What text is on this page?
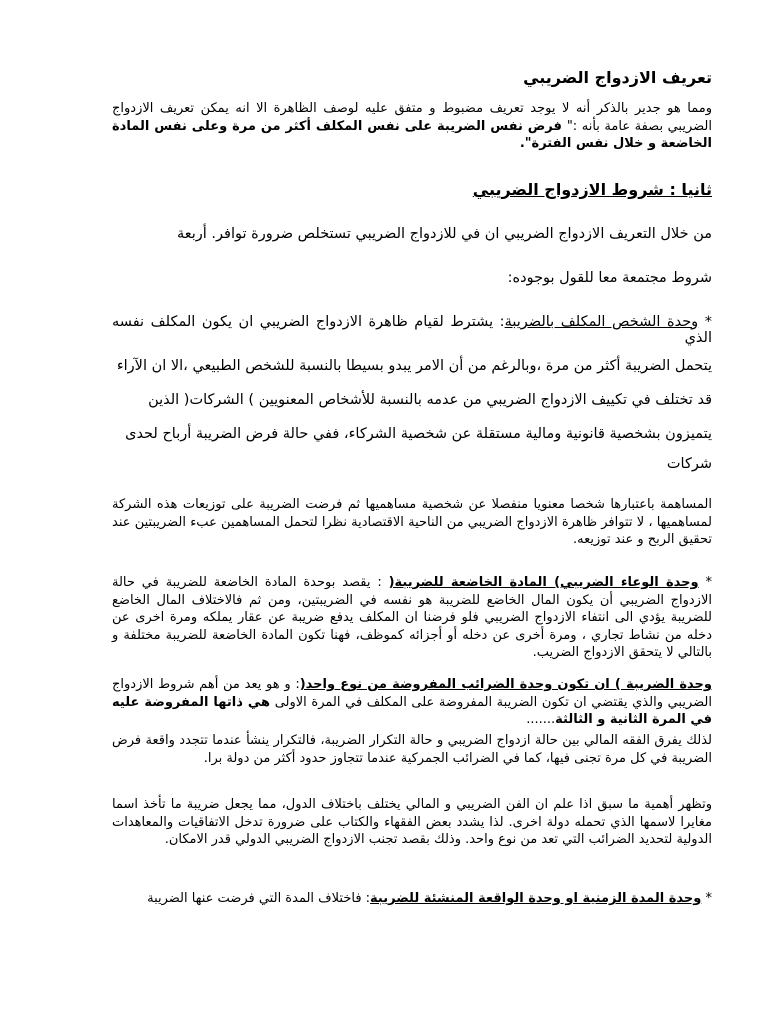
تعريف الازدواج الضريبي
ومما هو جدير بالذكر أنه لا يوجد تعريف مضبوط و متفق عليه لوصف الظاهرة الا انه يمكن تعريف الازدواج الضريبي بصفة عامة بأنه :" فرض نفس الضريبة على نفس المكلف أكثر من مرة وعلى نفس المادة الخاضعة و خلال نفس الفترة".
ثانيا : شروط الازدواج الضريبي
من خلال التعريف الازدواج الضريبي ان في للازدواج الضريبي تستخلص ضرورة توافر. أربعة
شروط مجتمعة معا للقول بوجوده:
* وحدة الشخص المكلف بالضريبة: يشترط لقيام ظاهرة الازدواج الضريبي ان يكون المكلف نفسه الذي
يتحمل الضريبة أكثر من مرة ،وبالرغم من أن الامر يبدو بسيطا بالنسبة للشخص الطبيعي ،الا ان الآراء
قد تختلف في تكييف الازدواج الضريبي من عدمه بالنسبة للأشخاص المعنويين ) الشركات( الذين
يتميزون بشخصية قانونية ومالية مستقلة عن شخصية الشركاء، ففي حالة فرض الضريبة أرباح لحدى
شركات
المساهمة باعتبارها شخصا معنويا منفصلا عن شخصية مساهميها ثم فرضت الضريبة على توزيعات هذه الشركة لمساهميها ، لا تتوافر ظاهرة الازدواج الضريبي من الناحية الاقتصادية نظرا لتحمل المساهمين عبء الضريبتين عند تحقيق الربح و عند توزيعه.
* وحدة الوعاء الضريبي) المادة الخاضعة للضريبة( : يقصد بوحدة المادة الخاضعة للضريبة في حالة الازدواج الضريبي أن يكون المال الخاضع للضريبة هو نفسه في الضريبتين، ومن ثم فالاختلاف المال الخاضع للضريبة يؤدي الى انتفاء الازدواج الضريبي فلو فرضنا ان المكلف يدفع ضريبة عن عقار يملكه ومرة اخرى عن دخله من نشاط تجاري ، ومرة أخرى عن دخله أو أجزائه كموظف، فهنا تكون المادة الخاضعة للضريبة مختلفة و بالتالي لا يتحقق الازدواج الضريب.
وحدة الضريبة ) ان تكون وحدة الضرائب المفروضة من نوع واحد(: و هو يعد من أهم شروط الازدواج الضريبي والذي يقتضي ان تكون الضريبة المفروضة على المكلف في المرة الاولى هي ذاتها المفروضة عليه في المرة الثانية و الثالثة.......
لذلك يفرق الفقه المالي بين حالة ازدواج الضريبي و حالة التكرار الضريبة، فالتكرار ينشأ عندما تتجدد واقعة فرض الضريبة في كل مرة تجنى فيها، كما في الضرائب الجمركية عندما تتجاوز حدود أكثر من دولة برا.
وتظهر أهمية ما سبق اذا علم ان الفن الضريبي و المالي يختلف باختلاف الدول، مما يجعل ضريبة ما تأخذ اسما مغايرا لاسمها الذي تحمله دولة اخرى. لذا يشدد بعض الفقهاء والكتاب على ضرورة تدخل الاتفاقيات والمعاهدات الدولية لتحديد الضرائب التي تعد من نوع واحد. وذلك بقصد تجنب الازدواج الضريبي الدولي قدر الامكان.
* وحدة المدة الزمنية او وحدة الواقعة المنشئة للضريبة: فاختلاف المدة التي فرضت عنها الضريبة
